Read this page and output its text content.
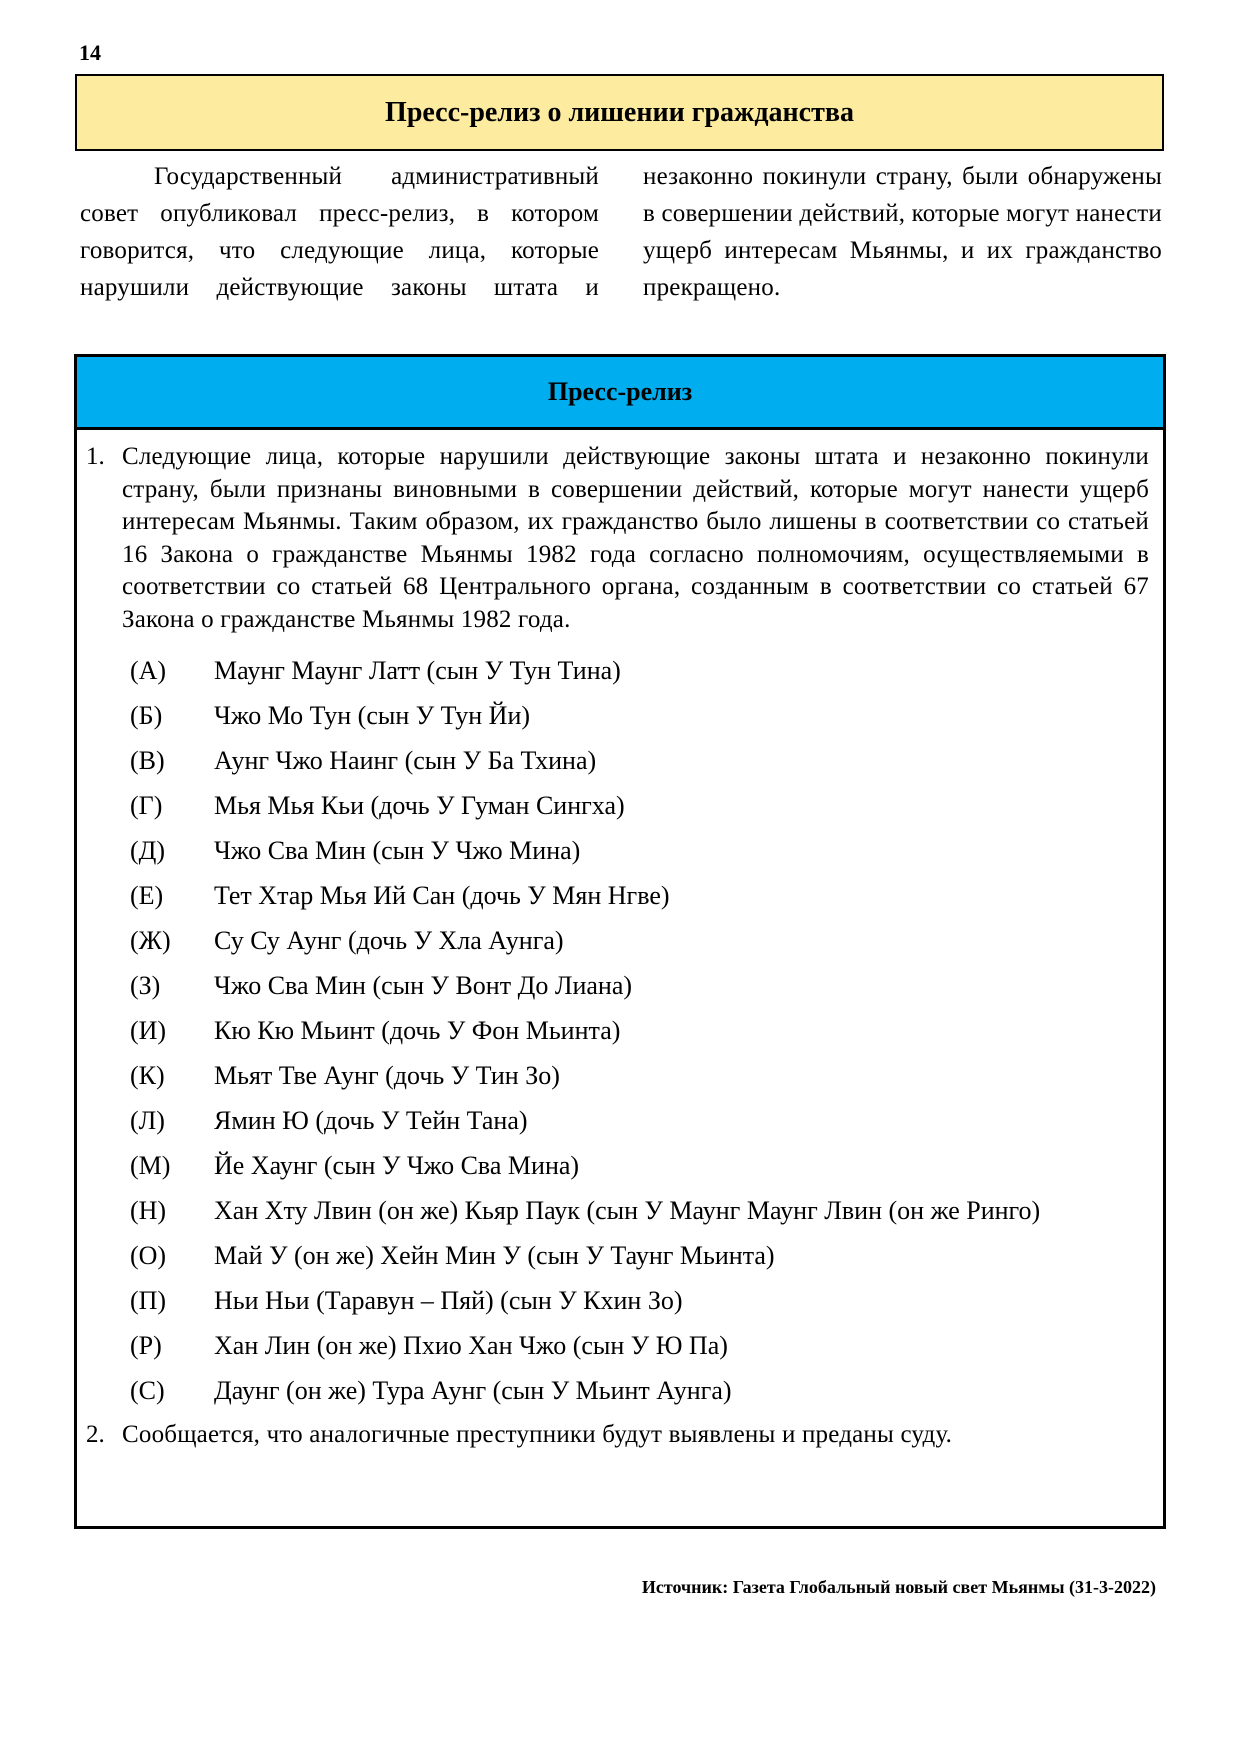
14
Пресс-релиз о лишении гражданства
Государственный административный совет опубликовал пресс-релиз, в котором говорится, что следующие лица, которые нарушили действующие законы штата и незаконно покинули страну, были обнаружены в совершении действий, которые могут нанести ущерб интересам Мьянмы, и их гражданство прекращено.
Пресс-релиз
1. Следующие лица, которые нарушили действующие законы штата и незаконно покинули страну, были признаны виновными в совершении действий, которые могут нанести ущерб интересам Мьянмы. Таким образом, их гражданство было лишены в соответствии со статьей 16 Закона о гражданстве Мьянмы 1982 года согласно полномочиям, осуществляемыми в соответствии со статьей 68 Центрального органа, созданным в соответствии со статьей 67 Закона о гражданстве Мьянмы 1982 года.
(А)	Маунг Маунг Латт (сын У Тун Тина)
(Б)	Чжо Мо Тун (сын У Тун Йи)
(В)	Аунг Чжо Наинг (сын У Ба Тхина)
(Г)	Мья Мья Кьи (дочь У Гуман Сингха)
(Д)	Чжо Сва Мин (сын У Чжо Мина)
(Е)	Тет Хтар Мья Ий Сан (дочь У Мян Нгве)
(Ж)	Су Су Аунг (дочь У Хла Аунга)
(З)	Чжо Сва Мин (сын У Вонт До Лиана)
(И)	Кю Кю Мьинт (дочь У Фон Мьинта)
(К)	Мьят Тве Аунг (дочь У Тин Зо)
(Л)	Ямин Ю (дочь У Тейн Тана)
(М)	Йе Хаунг (сын У Чжо Сва Мина)
(Н)	Хан Хту Лвин (он же) Кьяр Паук (сын У Маунг Маунг Лвин (он же Ринго)
(О)	Май У (он же) Хейн Мин У (сын У Таунг Мьинта)
(П)	Ньи Ньи (Таравун – Пяй) (сын У Кхин Зо)
(Р)	Хан Лин (он же) Пхио Хан Чжо (сын У Ю Па)
(С)	Даунг (он же) Тура Аунг (сын У Мьинт Аунга)
2. Сообщается, что аналогичные преступники будут выявлены и преданы суду.
Источник: Газета Глобальный новый свет Мьянмы (31-3-2022)
